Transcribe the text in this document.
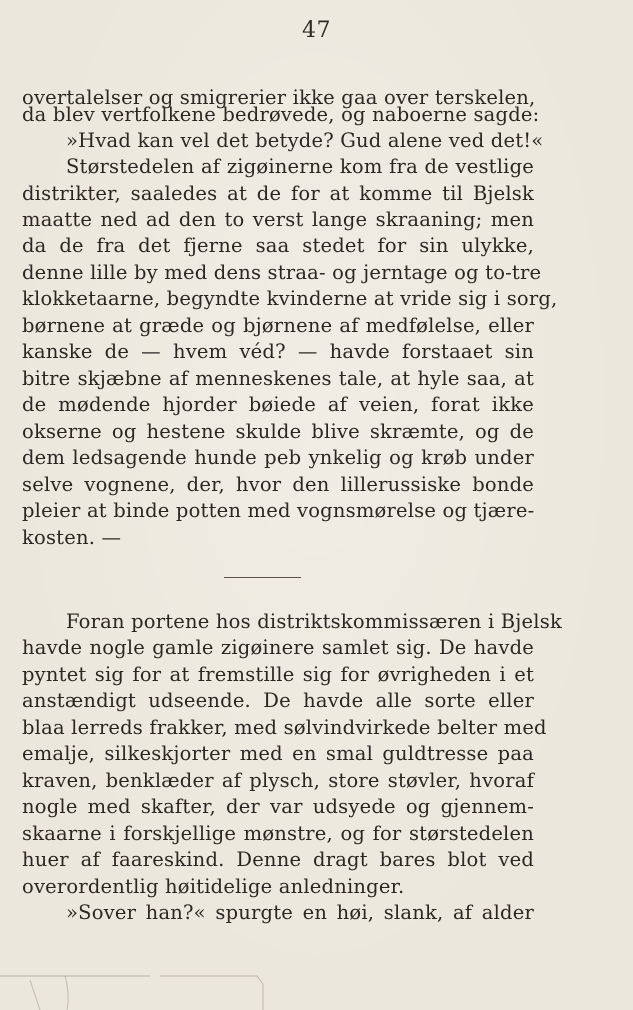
47
overtalelser og smigrerier ikke gaa over terskelen,
da blev vertfolkene bedrøvede, og naboerne sagde:
»Hvad kan vel det betyde? Gud alene ved det!«
Størstedelen af zigøinerne kom fra de vestlige
distrikter, saaledes at de for at komme til Bjelsk
maatte ned ad den to verst lange skraaning; men
da de fra det fjerne saa stedet for sin ulykke,
denne lille by med dens straa- og jerntage og to-tre
klokketaarne, begyndte kvinderne at vride sig i sorg,
børnene at græde og bjørnene af medfølelse, eller
kanske de — hvem véd? — havde forstaaet sin
bitre skjæbne af menneskenes tale, at hyle saa, at
de mødende hjorder bøiede af veien, forat ikke
okserne og hestene skulde blive skræmte, og de
dem ledsagende hunde peb ynkelig og krøb under
selve vognene, der, hvor den lillerussiske bonde
pleier at binde potten med vognsmørelse og tjære-
kosten. —
Foran portene hos distriktskommissæren i Bjelsk
havde nogle gamle zigøinere samlet sig. De havde
pyntet sig for at fremstille sig for øvrigheden i et
anstændigt udseende. De havde alle sorte eller
blaa lerreds frakker, med sølvindvirkede belter med
emalje, silkeskjorter med en smal guldtresse paa
kraven, benklæder af plysch, store støvler, hvoraf
nogle med skafter, der var udsyede og gjennem-
skaarne i forskjellige mønstre, og for størstedelen
huer af faareskind. Denne dragt bares blot ved
overordentlig høitidelige anledninger.
»Sover han?« spurgte en høi, slank, af alder
